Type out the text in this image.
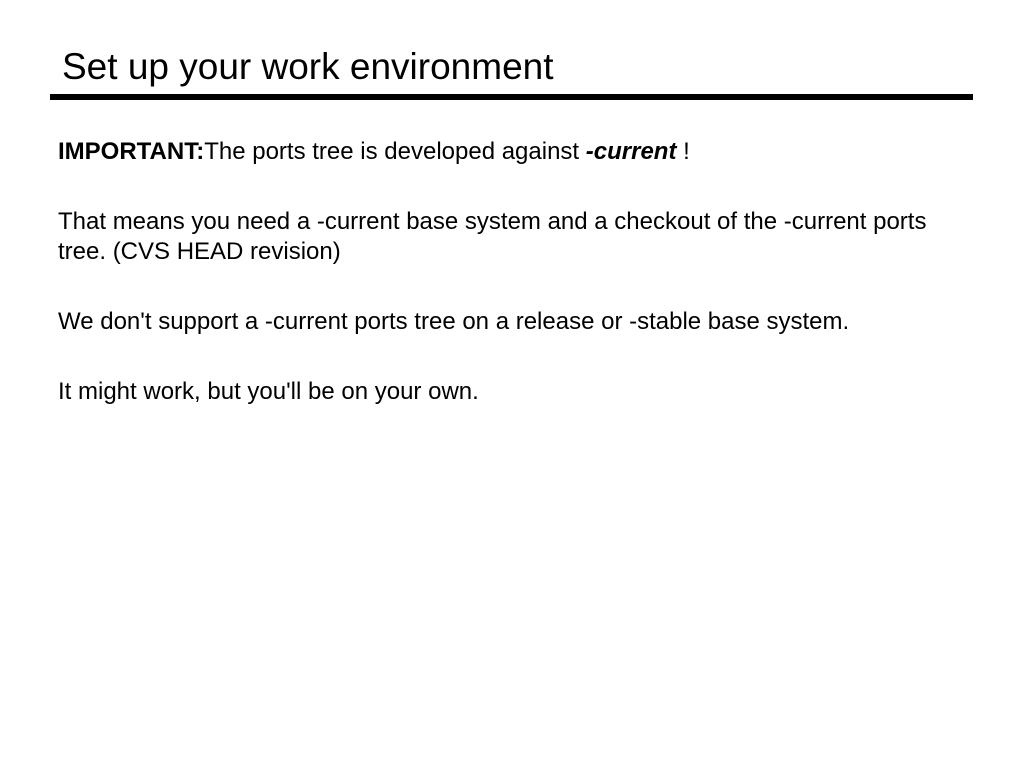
Set up your work environment

IMPORTANT:The ports tree is developed against -current !

That means you need a -current base system and a checkout of the -current ports tree. (CVS HEAD revision)

We don't support a -current ports tree on a release or -stable base system.

It might work, but you'll be on your own.
